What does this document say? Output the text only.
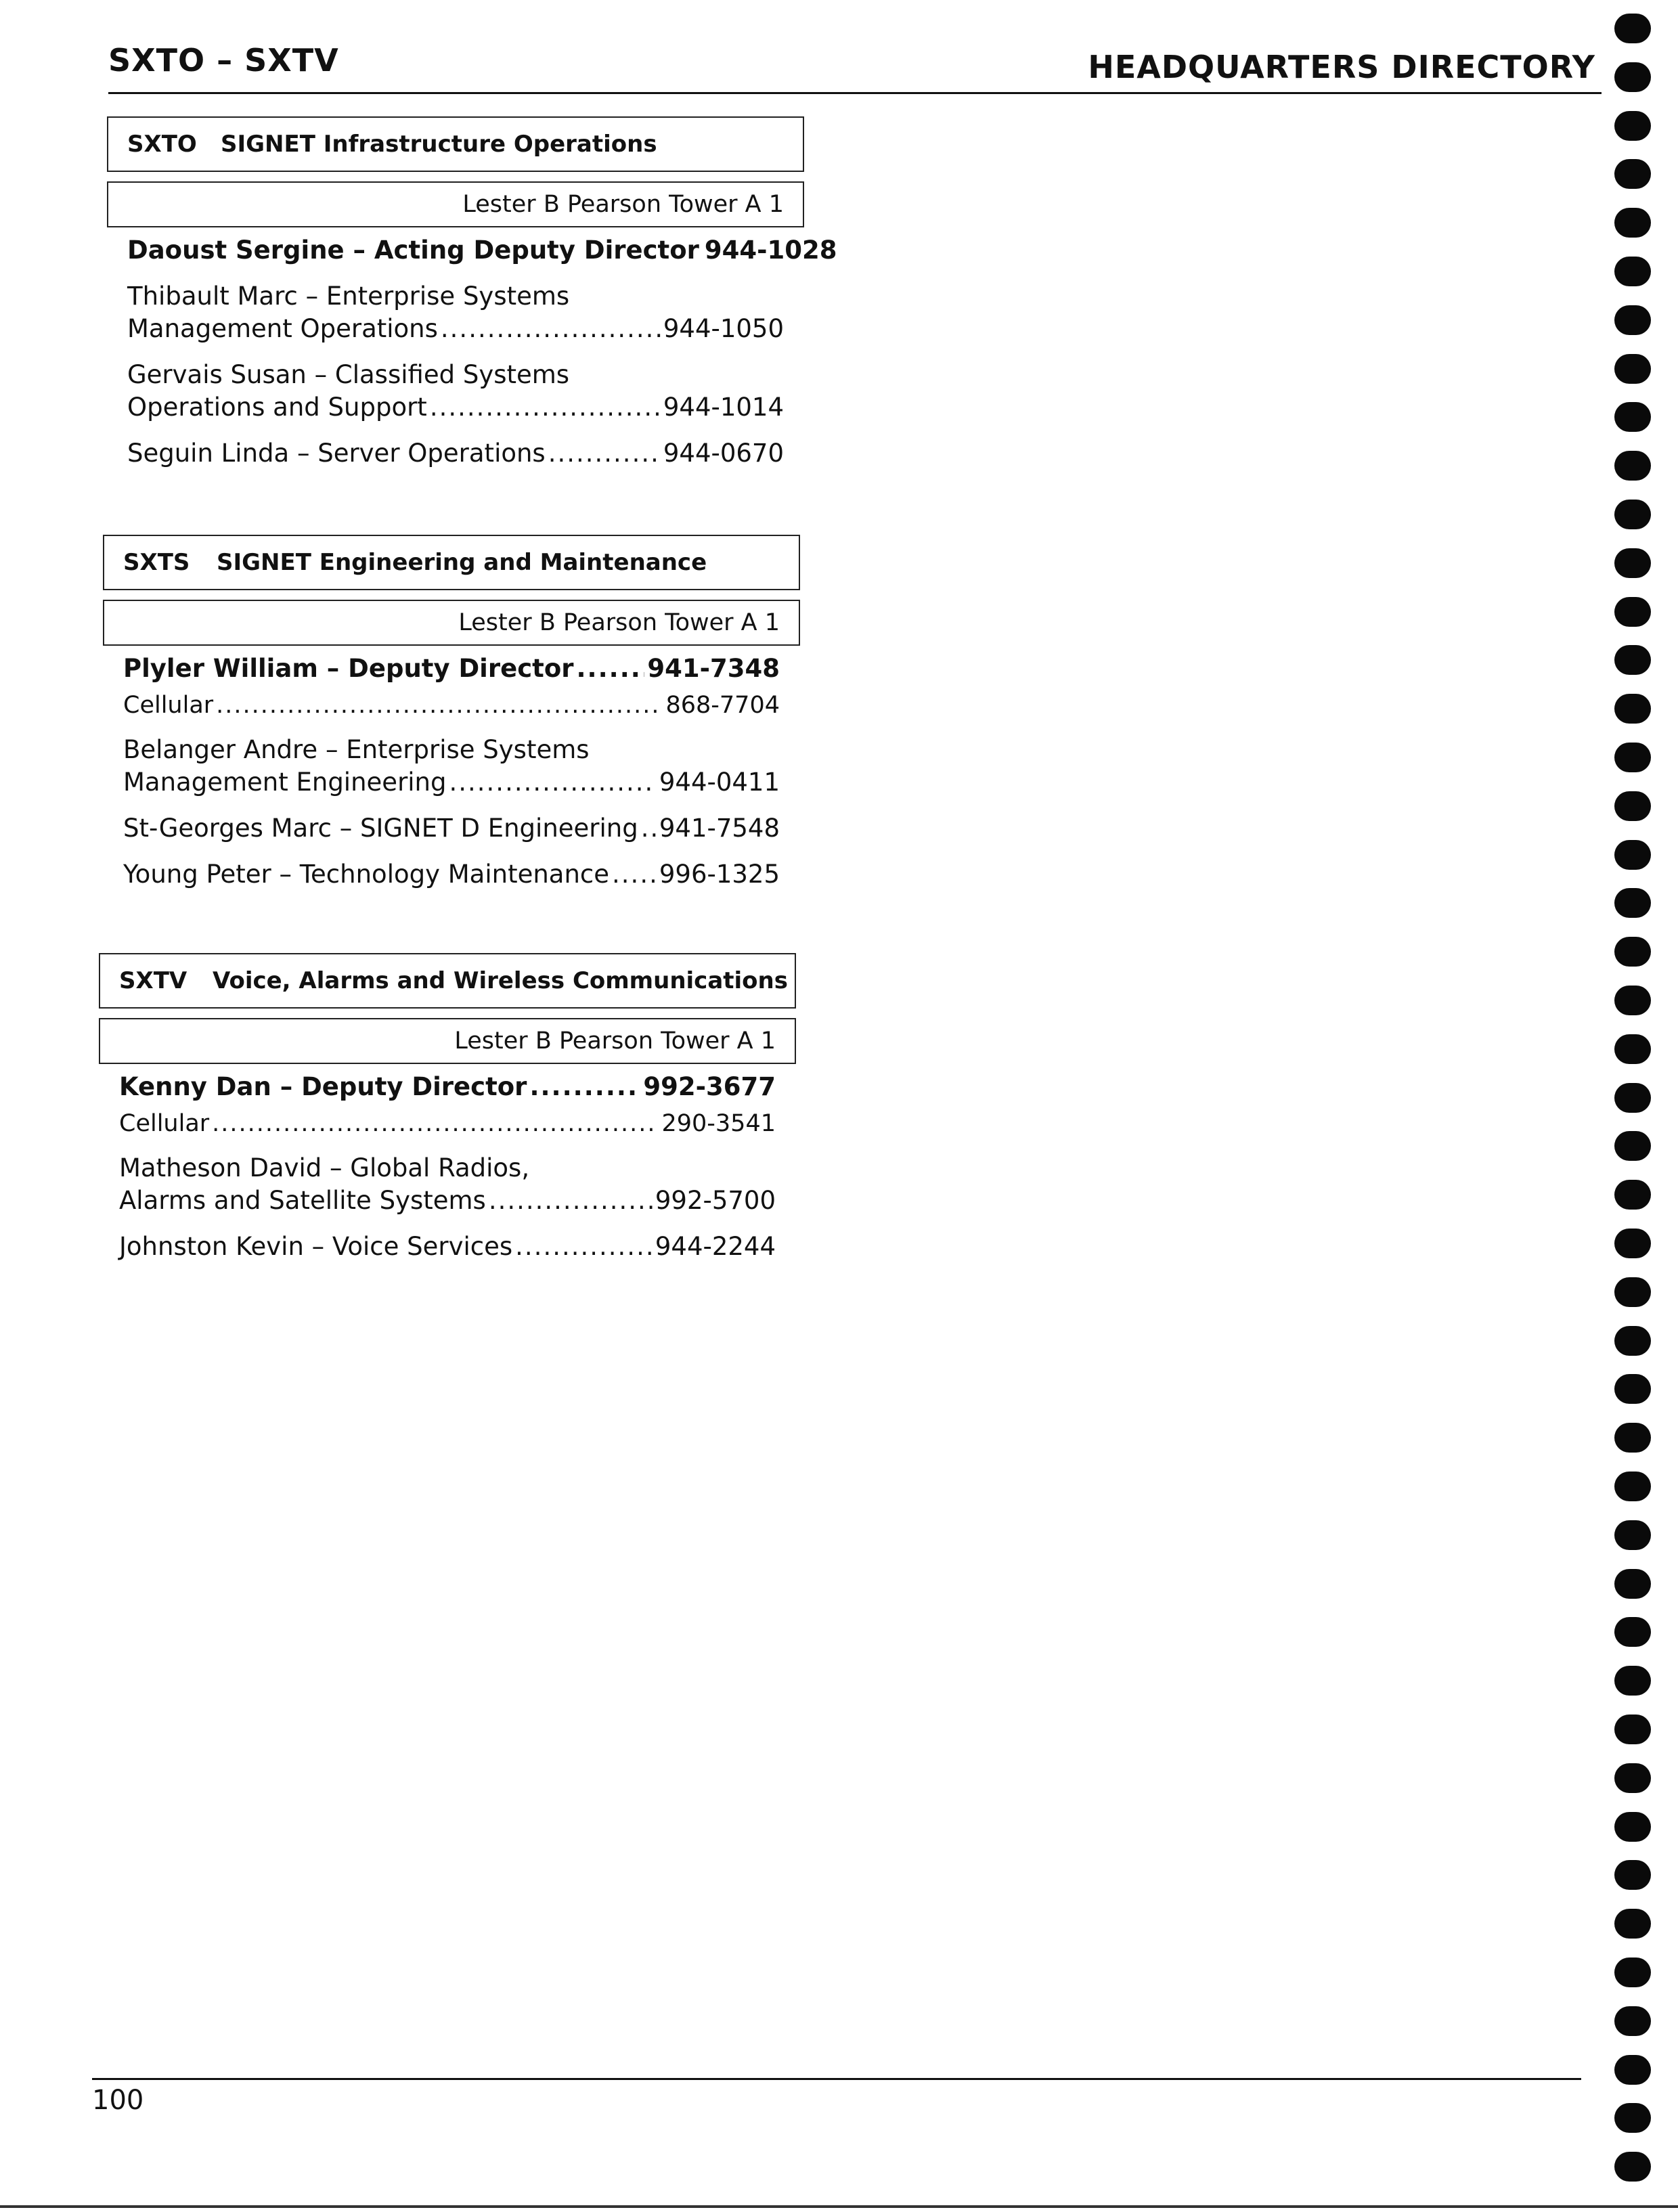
SXTO – SXTV	HEADQUARTERS DIRECTORY
SXTO	SIGNET Infrastructure Operations
Lester B Pearson Tower A 1
Daoust Sergine – Acting Deputy Director 944-1028
Thibault Marc – Enterprise Systems
Management Operations .....	944-1050
Gervais Susan – Classified Systems
Operations and Support .....	944-1014
Seguin Linda – Server Operations .....	944-0670
SXTS	SIGNET Engineering and Maintenance
Lester B Pearson Tower A 1
Plyler William – Deputy Director .....	941-7348
Cellular .....	868-7704
Belanger Andre – Enterprise Systems
Management Engineering .....	944-0411
St-Georges Marc – SIGNET D Engineering ..... 941-7548
Young Peter – Technology Maintenance ..... 996-1325
SXTV	Voice, Alarms and Wireless Communications
Lester B Pearson Tower A 1
Kenny Dan – Deputy Director .....	992-3677
Cellular .....	290-3541
Matheson David – Global Radios,
Alarms and Satellite Systems .....	992-5700
Johnston Kevin – Voice Services .....	944-2244
100
